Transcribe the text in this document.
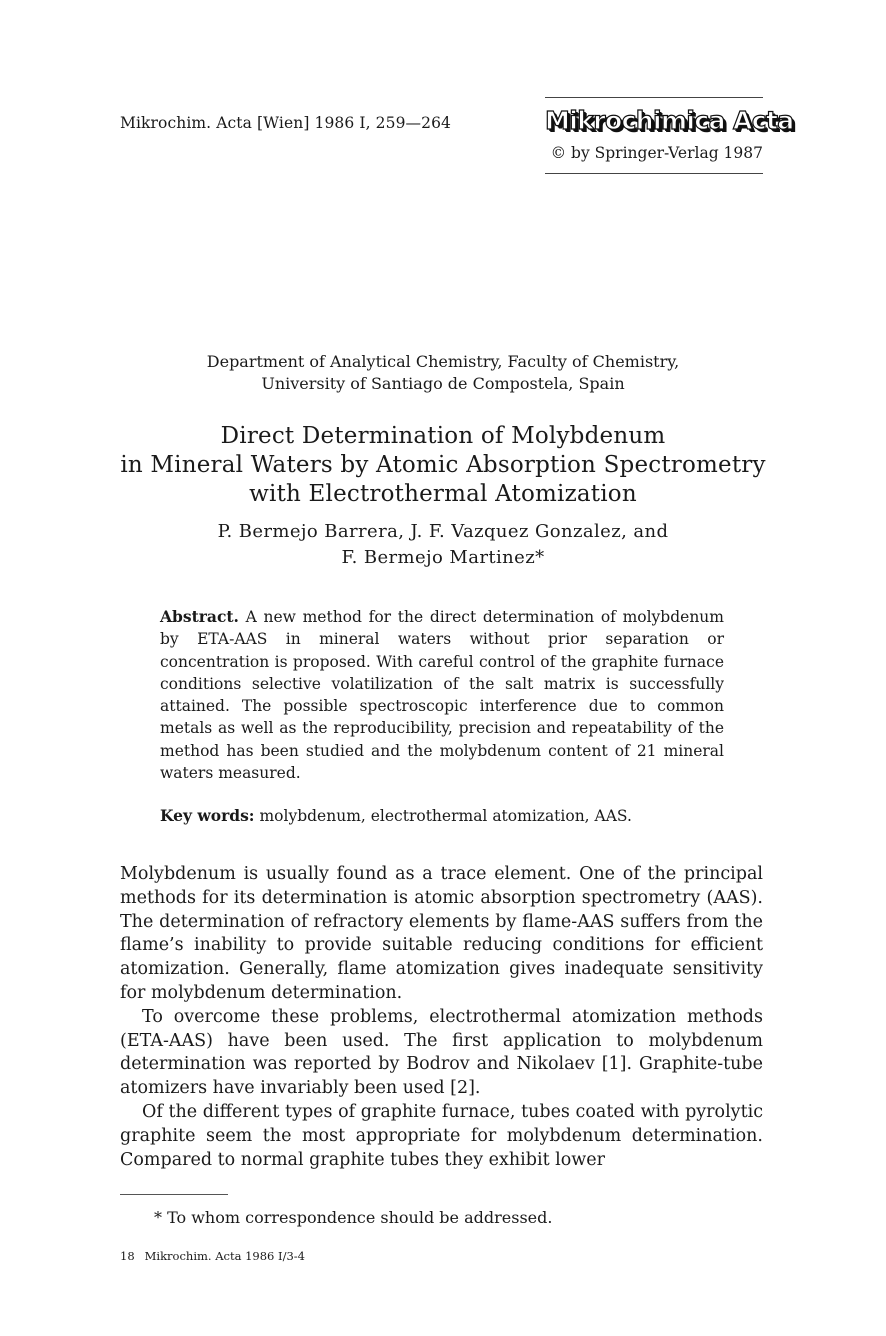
Mikrochim. Acta [Wien] 1986 I, 259—264	Mikrochimica Acta
© by Springer-Verlag 1987
Department of Analytical Chemistry, Faculty of Chemistry,
University of Santiago de Compostela, Spain
Direct Determination of Molybdenum
in Mineral Waters by Atomic Absorption Spectrometry
with Electrothermal Atomization
P. Bermejo Barrera, J. F. Vazquez Gonzalez, and
F. Bermejo Martinez*

Abstract. A new method for the direct determination of molybdenum by ETA-AAS in mineral waters without prior separation or concentration is proposed. With careful control of the graphite furnace conditions selective volatilization of the salt matrix is successfully attained. The possible spectroscopic interference due to common metals as well as the reproducibility, precision and repeatability of the method has been studied and the molybdenum content of 21 mineral waters measured.

Key words: molybdenum, electrothermal atomization, AAS.

Molybdenum is usually found as a trace element. One of the principal methods for its determination is atomic absorption spectrometry (AAS). The determination of refractory elements by flame-AAS suffers from the flame’s inability to provide suitable reducing conditions for efficient atomization. Generally, flame atomization gives inadequate sensitivity for molybdenum determination.

To overcome these problems, electrothermal atomization methods (ETA-AAS) have been used. The first application to molybdenum determination was reported by Bodrov and Nikolaev [1]. Graphite-tube atomizers have invariably been used [2].

Of the different types of graphite furnace, tubes coated with pyrolytic graphite seem the most appropriate for molybdenum determination. Compared to normal graphite tubes they exhibit lower

* To whom correspondence should be addressed.
18 Mikrochim. Acta 1986 I/3-4
